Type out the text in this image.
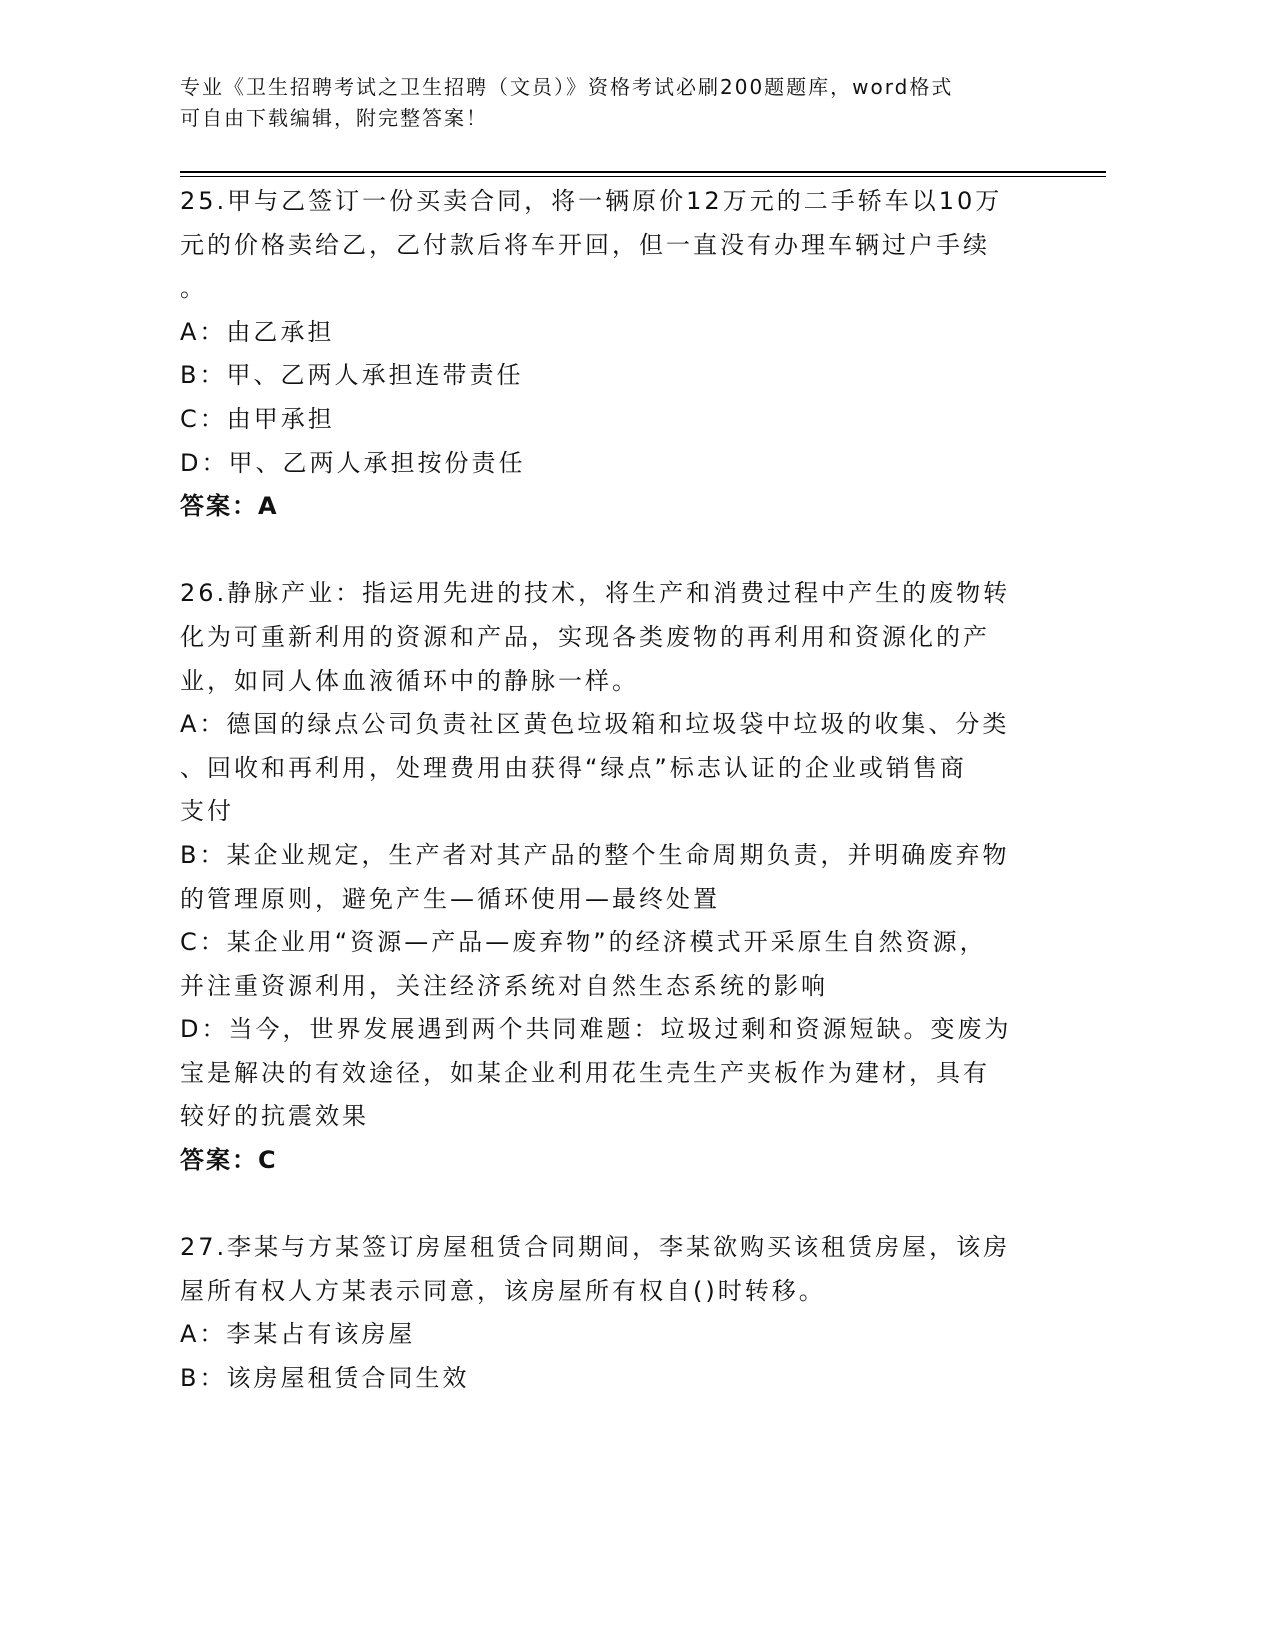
专业《卫生招聘考试之卫生招聘（文员）》资格考试必刷200题题库，word格式
可自由下载编辑，附完整答案！
25.甲与乙签订一份买卖合同，将一辆原价12万元的二手轿车以10万
元的价格卖给乙，乙付款后将车开回，但一直没有办理车辆过户手续
。
A：由乙承担
B：甲、乙两人承担连带责任
C：由甲承担
D：甲、乙两人承担按份责任
答案：A
26.静脉产业：指运用先进的技术，将生产和消费过程中产生的废物转
化为可重新利用的资源和产品，实现各类废物的再利用和资源化的产
业，如同人体血液循环中的静脉一样。
A：德国的绿点公司负责社区黄色垃圾箱和垃圾袋中垃圾的收集、分类
、回收和再利用，处理费用由获得“绿点”标志认证的企业或销售商
支付
B：某企业规定，生产者对其产品的整个生命周期负责，并明确废弃物
的管理原则，避免产生—循环使用—最终处置
C：某企业用“资源—产品—废弃物”的经济模式开采原生自然资源，
并注重资源利用，关注经济系统对自然生态系统的影响
D：当今，世界发展遇到两个共同难题：垃圾过剩和资源短缺。变废为
宝是解决的有效途径，如某企业利用花生壳生产夹板作为建材，具有
较好的抗震效果
答案：C
27.李某与方某签订房屋租赁合同期间，李某欲购买该租赁房屋，该房
屋所有权人方某表示同意，该房屋所有权自()时转移。
A：李某占有该房屋
B：该房屋租赁合同生效
